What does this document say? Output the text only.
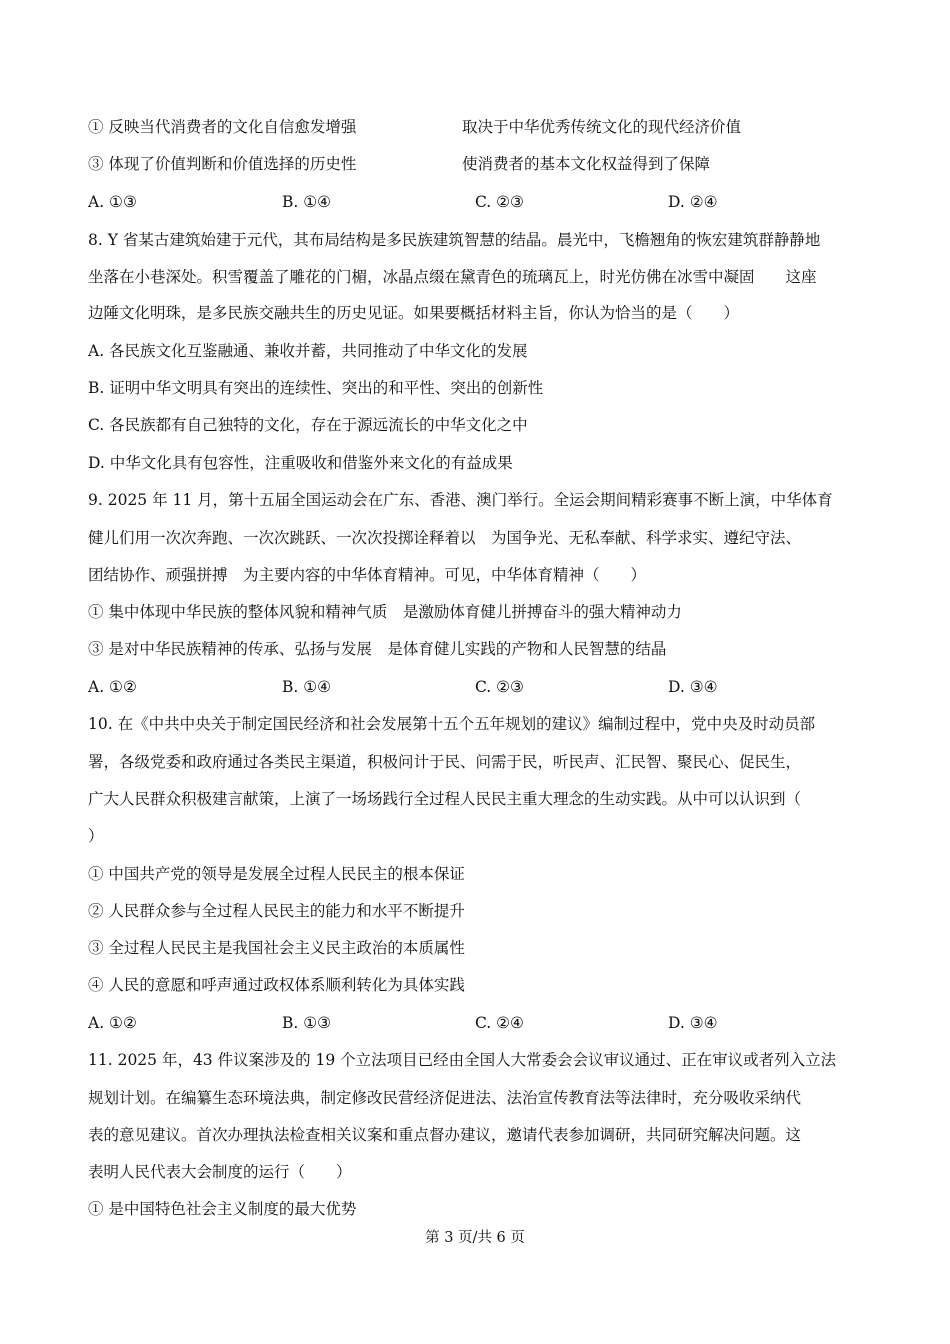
① 反映当代消费者的文化自信愈发增强	取决于中华优秀传统文化的现代经济价值
③ 体现了价值判断和价值选择的历史性	使消费者的基本文化权益得到了保障
A. ①③	B. ①④	C. ②③	D. ②④
8. Y 省某古建筑始建于元代，其布局结构是多民族建筑智慧的结晶。晨光中，飞檐翘角的恢宏建筑群静静地
坐落在小巷深处。积雪覆盖了雕花的门楣，冰晶点缀在黛青色的琉璃瓦上，时光仿佛在冰雪中凝固　　这座
边陲文化明珠，是多民族交融共生的历史见证。如果要概括材料主旨，你认为恰当的是（　　）
A. 各民族文化互鉴融通、兼收并蓄，共同推动了中华文化的发展
B. 证明中华文明具有突出的连续性、突出的和平性、突出的创新性
C. 各民族都有自己独特的文化，存在于源远流长的中华文化之中
D. 中华文化具有包容性，注重吸收和借鉴外来文化的有益成果
9. 2025 年 11 月，第十五届全国运动会在广东、香港、澳门举行。全运会期间精彩赛事不断上演，中华体育
健儿们用一次次奔跑、一次次跳跃、一次次投掷诠释着以　为国争光、无私奉献、科学求实、遵纪守法、
团结协作、顽强拼搏　为主要内容的中华体育精神。可见，中华体育精神（　　）
① 集中体现中华民族的整体风貌和精神气质　是激励体育健儿拼搏奋斗的强大精神动力
③ 是对中华民族精神的传承、弘扬与发展　是体育健儿实践的产物和人民智慧的结晶
A. ①②	B. ①④	C. ②③	D. ③④
10. 在《中共中央关于制定国民经济和社会发展第十五个五年规划的建议》编制过程中，党中央及时动员部
署，各级党委和政府通过各类民主渠道，积极问计于民、问需于民，听民声、汇民智、聚民心、促民生，
广大人民群众积极建言献策，上演了一场场践行全过程人民民主重大理念的生动实践。从中可以认识到（
）
① 中国共产党的领导是发展全过程人民民主的根本保证
② 人民群众参与全过程人民民主的能力和水平不断提升
③ 全过程人民民主是我国社会主义民主政治的本质属性
④ 人民的意愿和呼声通过政权体系顺利转化为具体实践
A. ①②	B. ①③	C. ②④	D. ③④
11. 2025 年，43 件议案涉及的 19 个立法项目已经由全国人大常委会会议审议通过、正在审议或者列入立法
规划计划。在编纂生态环境法典，制定修改民营经济促进法、法治宣传教育法等法律时，充分吸收采纳代
表的意见建议。首次办理执法检查相关议案和重点督办建议，邀请代表参加调研，共同研究解决问题。这
表明人民代表大会制度的运行（　　）
① 是中国特色社会主义制度的最大优势
第 3 页/共 6 页
